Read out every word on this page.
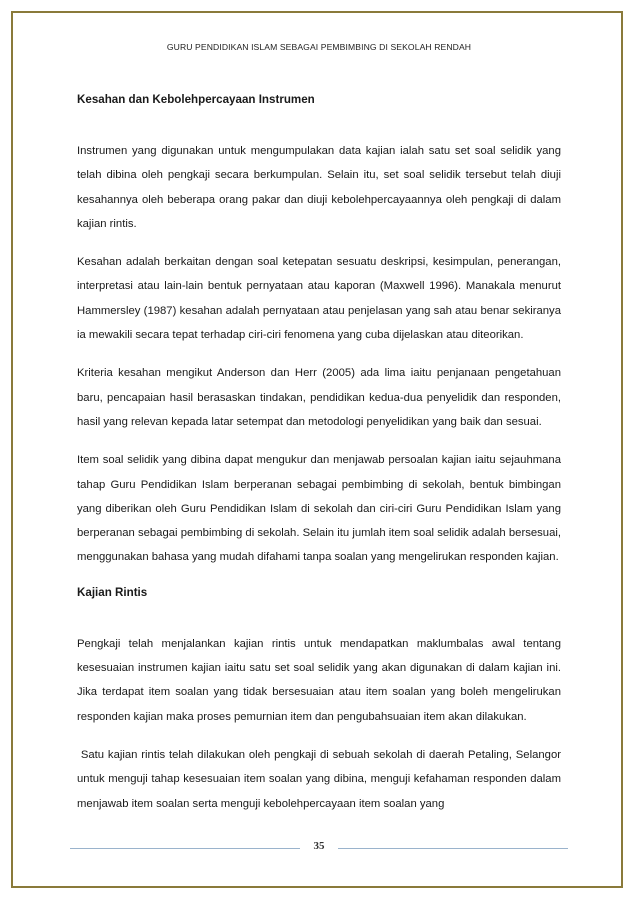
GURU PENDIDIKAN ISLAM SEBAGAI PEMBIMBING DI SEKOLAH RENDAH
Kesahan dan Kebolehpercayaan Instrumen

Instrumen yang digunakan untuk mengumpulakan data kajian ialah satu set soal selidik yang telah dibina oleh pengkaji secara berkumpulan. Selain itu, set soal selidik tersebut telah diuji kesahannya oleh beberapa orang pakar dan diuji kebolehpercayaannya oleh pengkaji di dalam kajian rintis.

Kesahan adalah berkaitan dengan soal ketepatan sesuatu deskripsi, kesimpulan, penerangan, interpretasi atau lain-lain bentuk pernyataan atau kaporan (Maxwell 1996). Manakala menurut Hammersley (1987) kesahan adalah pernyataan atau penjelasan yang sah atau benar sekiranya ia mewakili secara tepat terhadap ciri-ciri fenomena yang cuba dijelaskan atau diteorikan.

Kriteria kesahan mengikut Anderson dan Herr (2005) ada lima iaitu penjanaan pengetahuan baru, pencapaian hasil berasaskan tindakan, pendidikan kedua-dua penyelidik dan responden, hasil yang relevan kepada latar setempat dan metodologi penyelidikan yang baik dan sesuai.

Item soal selidik yang dibina dapat mengukur dan menjawab persoalan kajian iaitu sejauhmana tahap Guru Pendidikan Islam berperanan sebagai pembimbing di sekolah, bentuk bimbingan yang diberikan oleh Guru Pendidikan Islam di sekolah dan ciri-ciri Guru Pendidikan Islam yang berperanan sebagai pembimbing di sekolah. Selain itu jumlah item soal selidik adalah bersesuai, menggunakan bahasa yang mudah difahami tanpa soalan yang mengelirukan responden kajian.

Kajian Rintis

Pengkaji telah menjalankan kajian rintis untuk mendapatkan maklumbalas awal tentang kesesuaian instrumen kajian iaitu satu set soal selidik yang akan digunakan di dalam kajian ini. Jika terdapat item soalan yang tidak bersesuaian atau item soalan yang boleh mengelirukan responden kajian maka proses pemurnian item dan pengubahsuaian item akan dilakukan.

Satu kajian rintis telah dilakukan oleh pengkaji di sebuah sekolah di daerah Petaling, Selangor untuk menguji tahap kesesuaian item soalan yang dibina, menguji kefahaman responden dalam menjawab item soalan serta menguji kebolehpercayaan item soalan yang

35
